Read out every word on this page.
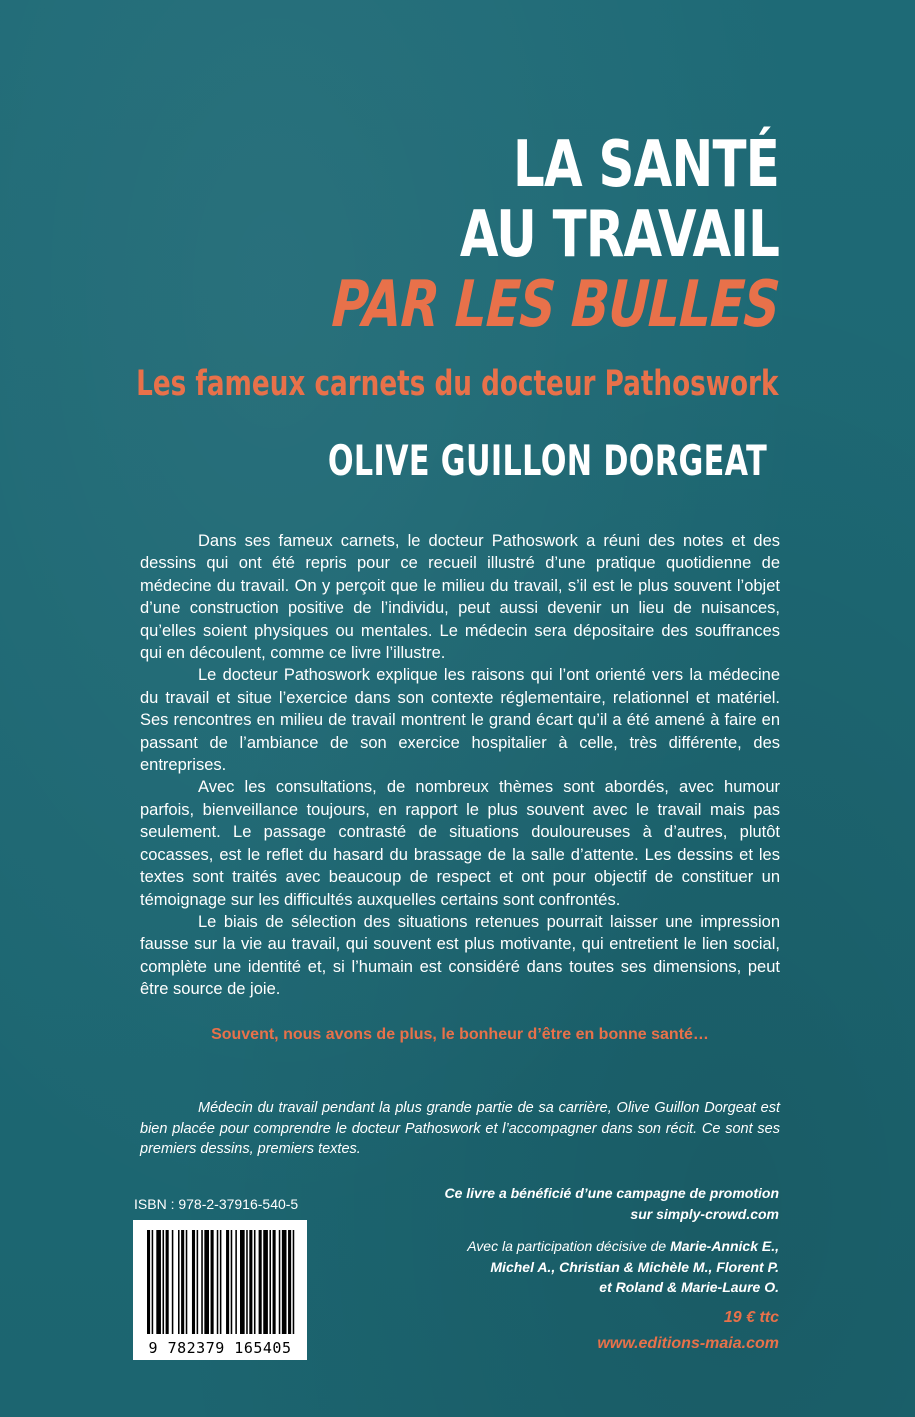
LA SANTÉ
AU TRAVAIL
PAR LES BULLES
Les fameux carnets du docteur Pathoswork
OLIVE GUILLON DORGEAT

Dans ses fameux carnets, le docteur Pathoswork a réuni des notes et des dessins qui ont été repris pour ce recueil illustré d’une pratique quotidienne de médecine du travail. On y perçoit que le milieu du travail, s’il est le plus souvent l’objet d’une construction positive de l’individu, peut aussi devenir un lieu de nuisances, qu’elles soient physiques ou mentales. Le médecin sera dépositaire des souffrances qui en découlent, comme ce livre l’illustre.

Le docteur Pathoswork explique les raisons qui l’ont orienté vers la médecine du travail et situe l’exercice dans son contexte réglementaire, relationnel et matériel. Ses rencontres en milieu de travail montrent le grand écart qu’il a été amené à faire en passant de l’ambiance de son exercice hospitalier à celle, très différente, des entreprises.

Avec les consultations, de nombreux thèmes sont abordés, avec humour parfois, bienveillance toujours, en rapport le plus souvent avec le travail mais pas seulement. Le passage contrasté de situations douloureuses à d’autres, plutôt cocasses, est le reflet du hasard du brassage de la salle d’attente. Les dessins et les textes sont traités avec beaucoup de respect et ont pour objectif de constituer un témoignage sur les difficultés auxquelles certains sont confrontés.

Le biais de sélection des situations retenues pourrait laisser une impression fausse sur la vie au travail, qui souvent est plus motivante, qui entretient le lien social, complète une identité et, si l’humain est considéré dans toutes ses dimensions, peut être source de joie.

Souvent, nous avons de plus, le bonheur d’être en bonne santé…
Médecin du travail pendant la plus grande partie de sa carrière, Olive Guillon Dorgeat est bien placée pour comprendre le docteur Pathoswork et l’accompagner dans son récit. Ce sont ses premiers dessins, premiers textes.
ISBN : 978-2-37916-540-5
9 782379 165405
Ce livre a bénéficié d’une campagne de promotion
sur simply-crowd.com
Avec la participation décisive de Marie-Annick E.,
Michel A., Christian & Michèle M., Florent P.
et Roland & Marie-Laure O.
19 € ttc
www.editions-maia.com
